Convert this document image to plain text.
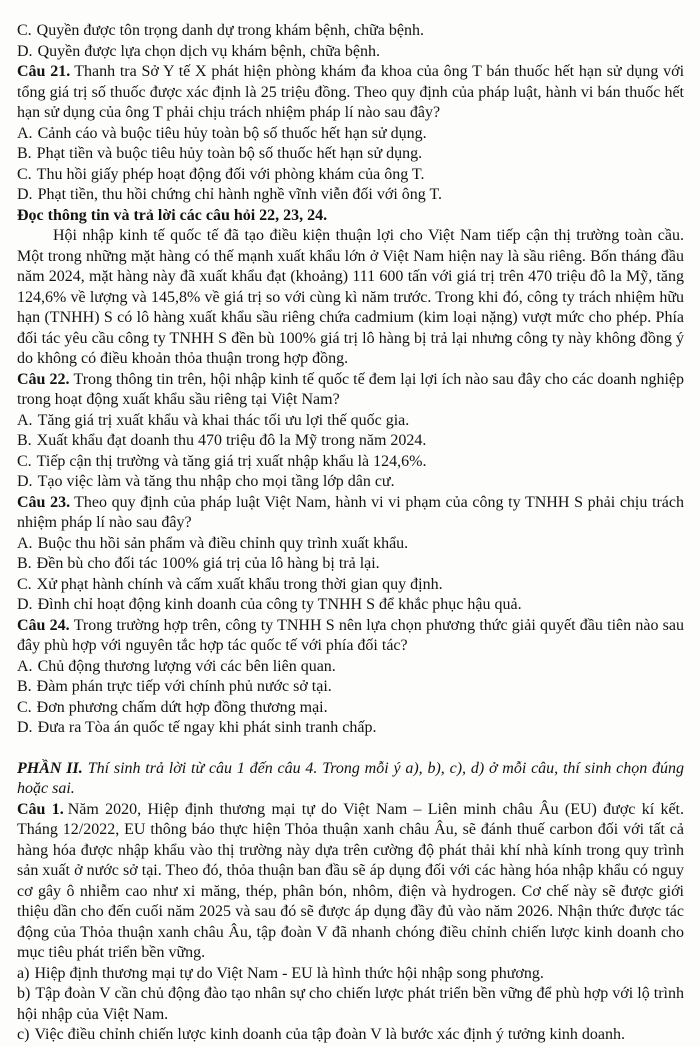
C. Quyền được tôn trọng danh dự trong khám bệnh, chữa bệnh.
D. Quyền được lựa chọn dịch vụ khám bệnh, chữa bệnh.

Câu 21. Thanh tra Sở Y tế X phát hiện phòng khám đa khoa của ông T bán thuốc hết hạn sử dụng với tổng giá trị số thuốc được xác định là 25 triệu đồng. Theo quy định của pháp luật, hành vi bán thuốc hết hạn sử dụng của ông T phải chịu trách nhiệm pháp lí nào sau đây?

A. Cảnh cáo và buộc tiêu hủy toàn bộ số thuốc hết hạn sử dụng.
B. Phạt tiền và buộc tiêu hủy toàn bộ số thuốc hết hạn sử dụng.
C. Thu hồi giấy phép hoạt động đối với phòng khám của ông T.
D. Phạt tiền, thu hồi chứng chỉ hành nghề vĩnh viễn đối với ông T.
Đọc thông tin và trả lời các câu hỏi 22, 23, 24.

Hội nhập kinh tế quốc tế đã tạo điều kiện thuận lợi cho Việt Nam tiếp cận thị trường toàn cầu. Một trong những mặt hàng có thế mạnh xuất khẩu lớn ở Việt Nam hiện nay là sầu riêng. Bốn tháng đầu năm 2024, mặt hàng này đã xuất khẩu đạt (khoảng) 111 600 tấn với giá trị trên 470 triệu đô la Mỹ, tăng 124,6% về lượng và 145,8% về giá trị so với cùng kì năm trước. Trong khi đó, công ty trách nhiệm hữu hạn (TNHH) S có lô hàng xuất khẩu sầu riêng chứa cadmium (kim loại nặng) vượt mức cho phép. Phía đối tác yêu cầu công ty TNHH S đền bù 100% giá trị lô hàng bị trả lại nhưng công ty này không đồng ý do không có điều khoản thỏa thuận trong hợp đồng.

Câu 22. Trong thông tin trên, hội nhập kinh tế quốc tế đem lại lợi ích nào sau đây cho các doanh nghiệp trong hoạt động xuất khẩu sầu riêng tại Việt Nam?

A. Tăng giá trị xuất khẩu và khai thác tối ưu lợi thế quốc gia.
B. Xuất khẩu đạt doanh thu 470 triệu đô la Mỹ trong năm 2024.
C. Tiếp cận thị trường và tăng giá trị xuất nhập khẩu là 124,6%.
D. Tạo việc làm và tăng thu nhập cho mọi tầng lớp dân cư.

Câu 23. Theo quy định của pháp luật Việt Nam, hành vi vi phạm của công ty TNHH S phải chịu trách nhiệm pháp lí nào sau đây?

A. Buộc thu hồi sản phẩm và điều chỉnh quy trình xuất khẩu.
B. Đền bù cho đối tác 100% giá trị của lô hàng bị trả lại.
C. Xử phạt hành chính và cấm xuất khẩu trong thời gian quy định.
D. Đình chỉ hoạt động kinh doanh của công ty TNHH S để khắc phục hậu quả.

Câu 24. Trong trường hợp trên, công ty TNHH S nên lựa chọn phương thức giải quyết đầu tiên nào sau đây phù hợp với nguyên tắc hợp tác quốc tế với phía đối tác?

A. Chủ động thương lượng với các bên liên quan.
B. Đàm phán trực tiếp với chính phủ nước sở tại.
C. Đơn phương chấm dứt hợp đồng thương mại.
D. Đưa ra Tòa án quốc tế ngay khi phát sinh tranh chấp.

PHẦN II. Thí sinh trả lời từ câu 1 đến câu 4. Trong mỗi ý a), b), c), d) ở mỗi câu, thí sinh chọn đúng hoặc sai.

Câu 1. Năm 2020, Hiệp định thương mại tự do Việt Nam – Liên minh châu Âu (EU) được kí kết. Tháng 12/2022, EU thông báo thực hiện Thỏa thuận xanh châu Âu, sẽ đánh thuế carbon đối với tất cả hàng hóa được nhập khẩu vào thị trường này dựa trên cường độ phát thải khí nhà kính trong quy trình sản xuất ở nước sở tại. Theo đó, thỏa thuận ban đầu sẽ áp dụng đối với các hàng hóa nhập khẩu có nguy cơ gây ô nhiễm cao như xi măng, thép, phân bón, nhôm, điện và hydrogen. Cơ chế này sẽ được giới thiệu dần cho đến cuối năm 2025 và sau đó sẽ được áp dụng đầy đủ vào năm 2026. Nhận thức được tác động của Thỏa thuận xanh châu Âu, tập đoàn V đã nhanh chóng điều chỉnh chiến lược kinh doanh cho mục tiêu phát triển bền vững.

a) Hiệp định thương mại tự do Việt Nam - EU là hình thức hội nhập song phương.
b) Tập đoàn V cần chủ động đào tạo nhân sự cho chiến lược phát triển bền vững để phù hợp với lộ trình hội nhập của Việt Nam.
c) Việc điều chỉnh chiến lược kinh doanh của tập đoàn V là bước xác định ý tưởng kinh doanh.
